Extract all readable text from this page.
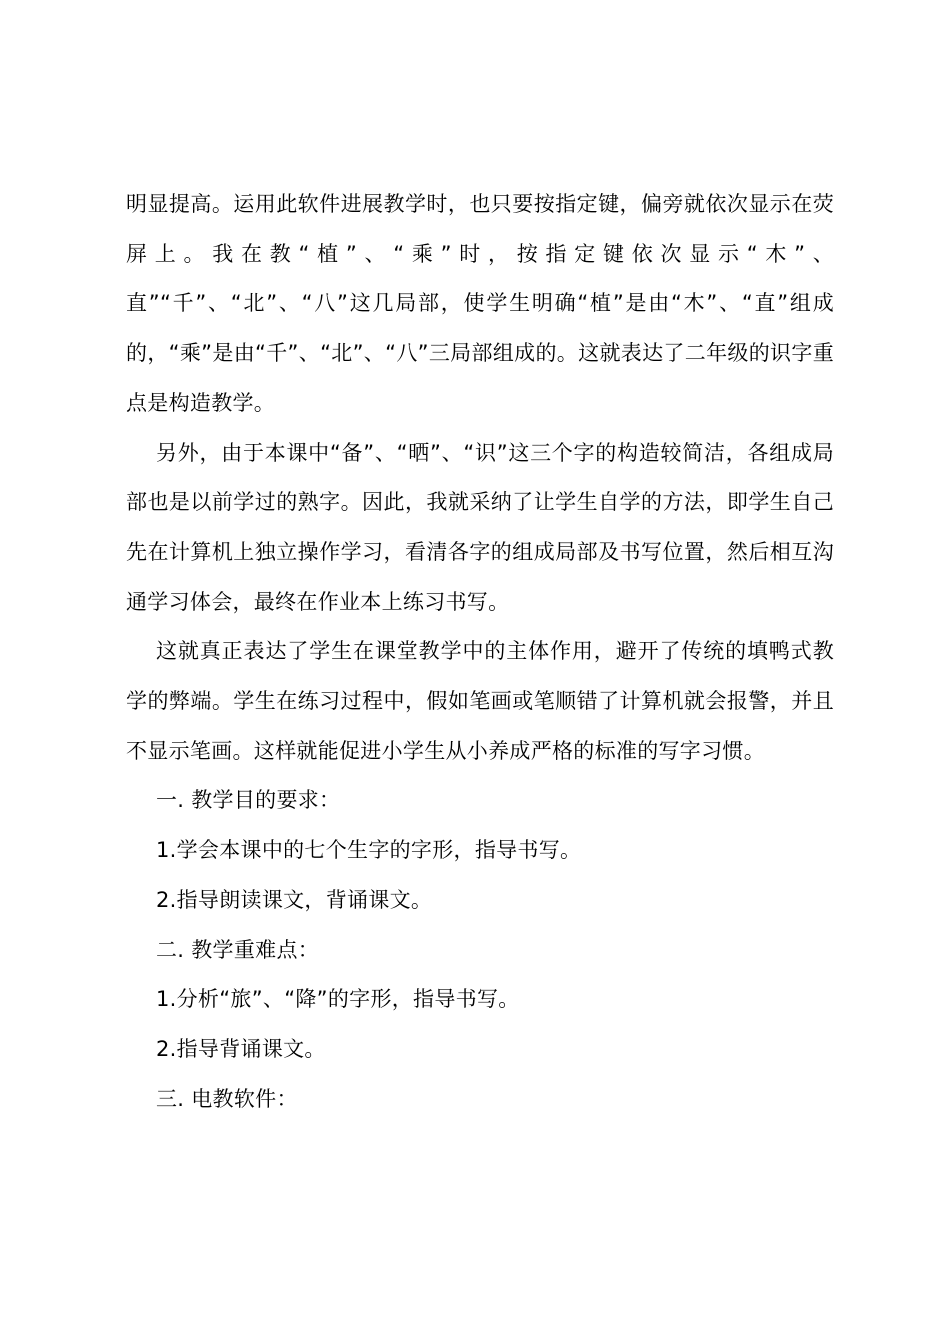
明显提高。运用此软件进展教学时，也只要按指定键，偏旁就依次显示在荧屏上。我在教“植”、“乘”时，按指定键依次显示“木”、直”“千”、“北”、“八”这几局部，使学生明确“植”是由“木”、“直”组成的，“乘”是由“千”、“北”、“八”三局部组成的。这就表达了二年级的识字重点是构造教学。

另外，由于本课中“备”、“晒”、“识”这三个字的构造较简洁，各组成局部也是以前学过的熟字。因此，我就采纳了让学生自学的方法，即学生自己先在计算机上独立操作学习，看清各字的组成局部及书写位置，然后相互沟通学习体会，最终在作业本上练习书写。

这就真正表达了学生在课堂教学中的主体作用，避开了传统的填鸭式教学的弊端。学生在练习过程中，假如笔画或笔顺错了计算机就会报警，并且不显示笔画。这样就能促进小学生从小养成严格的标准的写字习惯。

一. 教学目的要求：

1.学会本课中的七个生字的字形，指导书写。

2.指导朗读课文，背诵课文。

二. 教学重难点：

1.分析“旅”、“降”的字形，指导书写。

2.指导背诵课文。

三. 电教软件：
